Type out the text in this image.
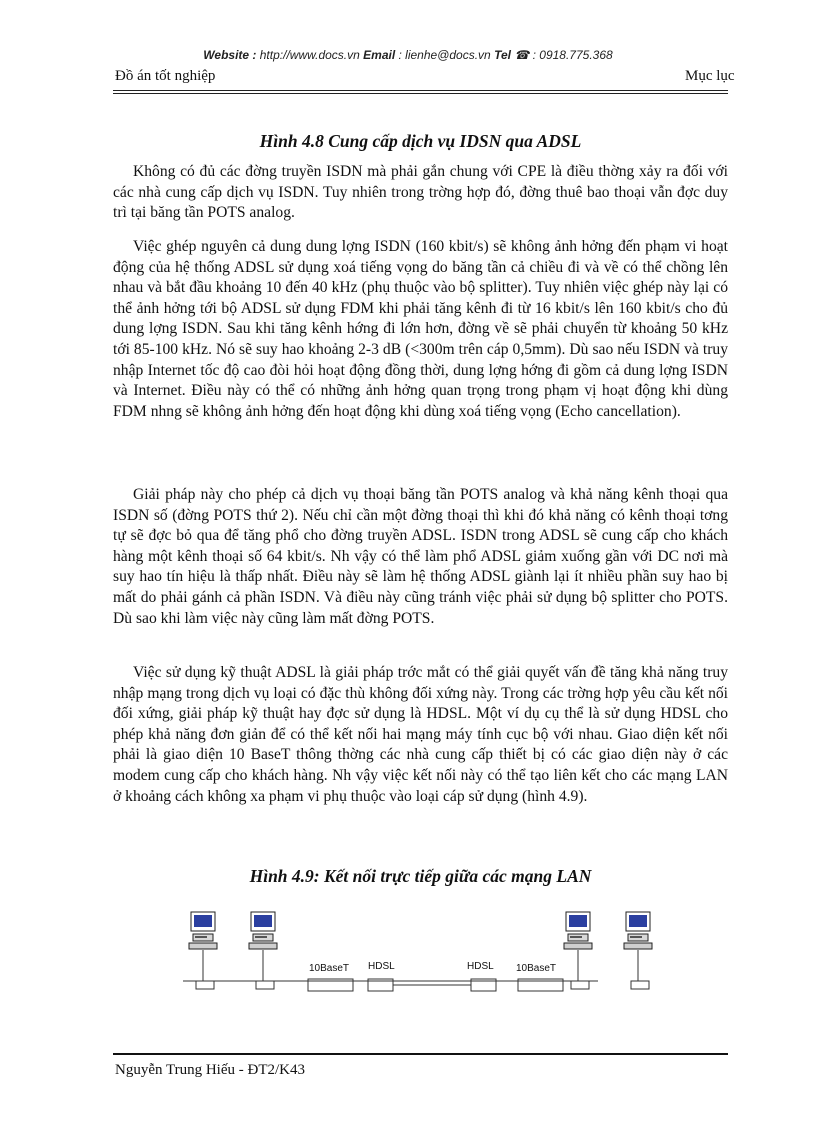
Website : http://www.docs.vn Email : lienhe@docs.vn Tel ☎ : 0918.775.368
Đồ án tốt nghiệp	Mục lục
Hình 4.8 Cung cấp dịch vụ IDSN qua ADSL

Không có đủ các đờng truyền ISDN mà phải gắn chung với CPE là điều thờng xảy ra đối với các nhà cung cấp dịch vụ ISDN. Tuy nhiên trong trờng hợp đó, đờng thuê bao thoại vẫn đợc duy trì tại băng tần POTS analog.

Việc ghép nguyên cả dung dung lợng ISDN (160 kbit/s) sẽ không ảnh hởng đến phạm vi hoạt động của hệ thống ADSL sử dụng xoá tiếng vọng do băng tần cả chiều đi và về có thể chồng lên nhau và bắt đầu khoảng 10 đến 40 kHz (phụ thuộc vào bộ splitter). Tuy nhiên việc ghép này lại có thể ảnh hởng tới bộ ADSL sử dụng FDM khi phải tăng kênh đi từ 16 kbit/s lên 160 kbit/s cho đủ dung lợng ISDN. Sau khi tăng kênh hớng đi lớn hơn, đờng về sẽ phải chuyển từ khoảng 50 kHz tới 85-100 kHz. Nó sẽ suy hao khoảng 2-3 dB (<300m trên cáp 0,5mm). Dù sao nếu ISDN và truy nhập Internet tốc độ cao đòi hỏi hoạt động đồng thời, dung lợng hớng đi gồm cả dung lợng ISDN và Internet. Điều này có thể có những ảnh hởng quan trọng trong phạm vị hoạt động khi dùng FDM nhng sẽ không ảnh hởng đến hoạt động khi dùng xoá tiếng vọng (Echo cancellation).

Giải pháp này cho phép cả dịch vụ thoại băng tần POTS analog và khả năng kênh thoại qua ISDN số (đờng POTS thứ 2). Nếu chỉ cần một đờng thoại thì khi đó khả năng có kênh thoại tơng tự sẽ đợc bỏ qua để tăng phổ cho đờng truyền ADSL. ISDN trong ADSL sẽ cung cấp cho khách hàng một kênh thoại số 64 kbit/s. Nh vậy có thể làm phổ ADSL giảm xuống gần với DC nơi mà suy hao tín hiệu là thấp nhất. Điều này sẽ làm hệ thống ADSL giành lại ít nhiều phần suy hao bị mất do phải gánh cả phần ISDN. Và điều này cũng tránh việc phải sử dụng bộ splitter cho POTS. Dù sao khi làm việc này cũng làm mất đờng POTS.

Việc sử dụng kỹ thuật ADSL là giải pháp trớc mắt có thể giải quyết vấn đề tăng khả năng truy nhập mạng trong dịch vụ loại có đặc thù không đối xứng này. Trong các trờng hợp yêu cầu kết nối đối xứng, giải pháp kỹ thuật hay đợc sử dụng là HDSL. Một ví dụ cụ thể là sử dụng HDSL cho phép khả năng đơn giản để có thể kết nối hai mạng máy tính cục bộ với nhau. Giao diện kết nối phải là giao diện 10 BaseT thông thờng các nhà cung cấp thiết bị có các giao diện này ở các modem cung cấp cho khách hàng. Nh vậy việc kết nối này có thể tạo liên kết cho các mạng LAN ở khoảng cách không xa phạm vi phụ thuộc vào loại cáp sử dụng (hình 4.9).

Hình 4.9: Kết nối trực tiếp giữa các mạng LAN
10BaseT HDSL	HDSL 10BaseT
Nguyễn Trung Hiếu - ĐT2/K43
